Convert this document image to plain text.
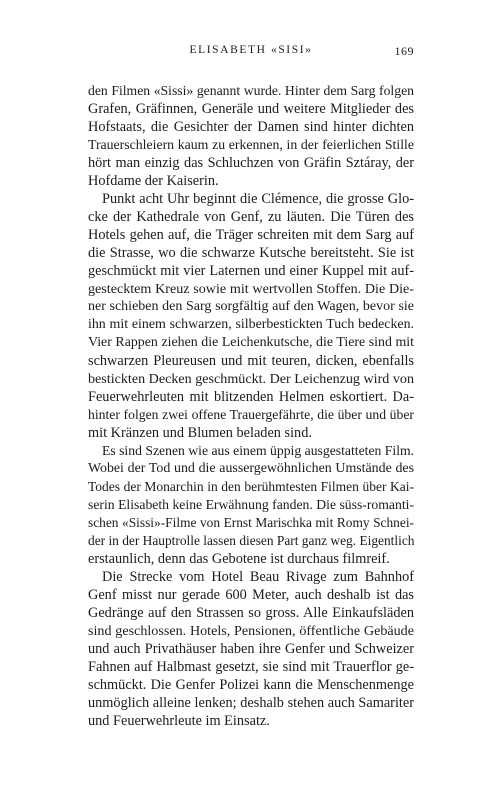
ELISABETH «SISI»	169
den Filmen «Sissi» genannt wurde. Hinter dem Sarg folgen
Grafen, Gräfinnen, Generäle und weitere Mitglieder des
Hofstaats, die Gesichter der Damen sind hinter dichten
Trauerschleiern kaum zu erkennen, in der feierlichen Stille
hört man einzig das Schluchzen von Gräfin Sztáray, der
Hofdame der Kaiserin.
Punkt acht Uhr beginnt die Clémence, die grosse Glo-
cke der Kathedrale von Genf, zu läuten. Die Türen des
Hotels gehen auf, die Träger schreiten mit dem Sarg auf
die Strasse, wo die schwarze Kutsche bereitsteht. Sie ist
geschmückt mit vier Laternen und einer Kuppel mit auf-
gestecktem Kreuz sowie mit wertvollen Stoffen. Die Die-
ner schieben den Sarg sorgfältig auf den Wagen, bevor sie
ihn mit einem schwarzen, silberbestickten Tuch bedecken.
Vier Rappen ziehen die Leichenkutsche, die Tiere sind mit
schwarzen Pleureusen und mit teuren, dicken, ebenfalls
bestickten Decken geschmückt. Der Leichenzug wird von
Feuerwehrleuten mit blitzenden Helmen eskortiert. Da-
hinter folgen zwei offene Trauergefährte, die über und über
mit Kränzen und Blumen beladen sind.
Es sind Szenen wie aus einem üppig ausgestatteten Film.
Wobei der Tod und die aussergewöhnlichen Umstände des
Todes der Monarchin in den berühmtesten Filmen über Kai-
serin Elisabeth keine Erwähnung fanden. Die süss-romanti-
schen «Sissi»-Filme von Ernst Marischka mit Romy Schnei-
der in der Hauptrolle lassen diesen Part ganz weg. Eigentlich
erstaunlich, denn das Gebotene ist durchaus filmreif.
Die Strecke vom Hotel Beau Rivage zum Bahnhof
Genf misst nur gerade 600 Meter, auch deshalb ist das
Gedränge auf den Strassen so gross. Alle Einkaufsläden
sind geschlossen. Hotels, Pensionen, öffentliche Gebäude
und auch Privathäuser haben ihre Genfer und Schweizer
Fahnen auf Halbmast gesetzt, sie sind mit Trauerflor ge-
schmückt. Die Genfer Polizei kann die Menschenmenge
unmöglich alleine lenken; deshalb stehen auch Samariter
und Feuerwehrleute im Einsatz.
